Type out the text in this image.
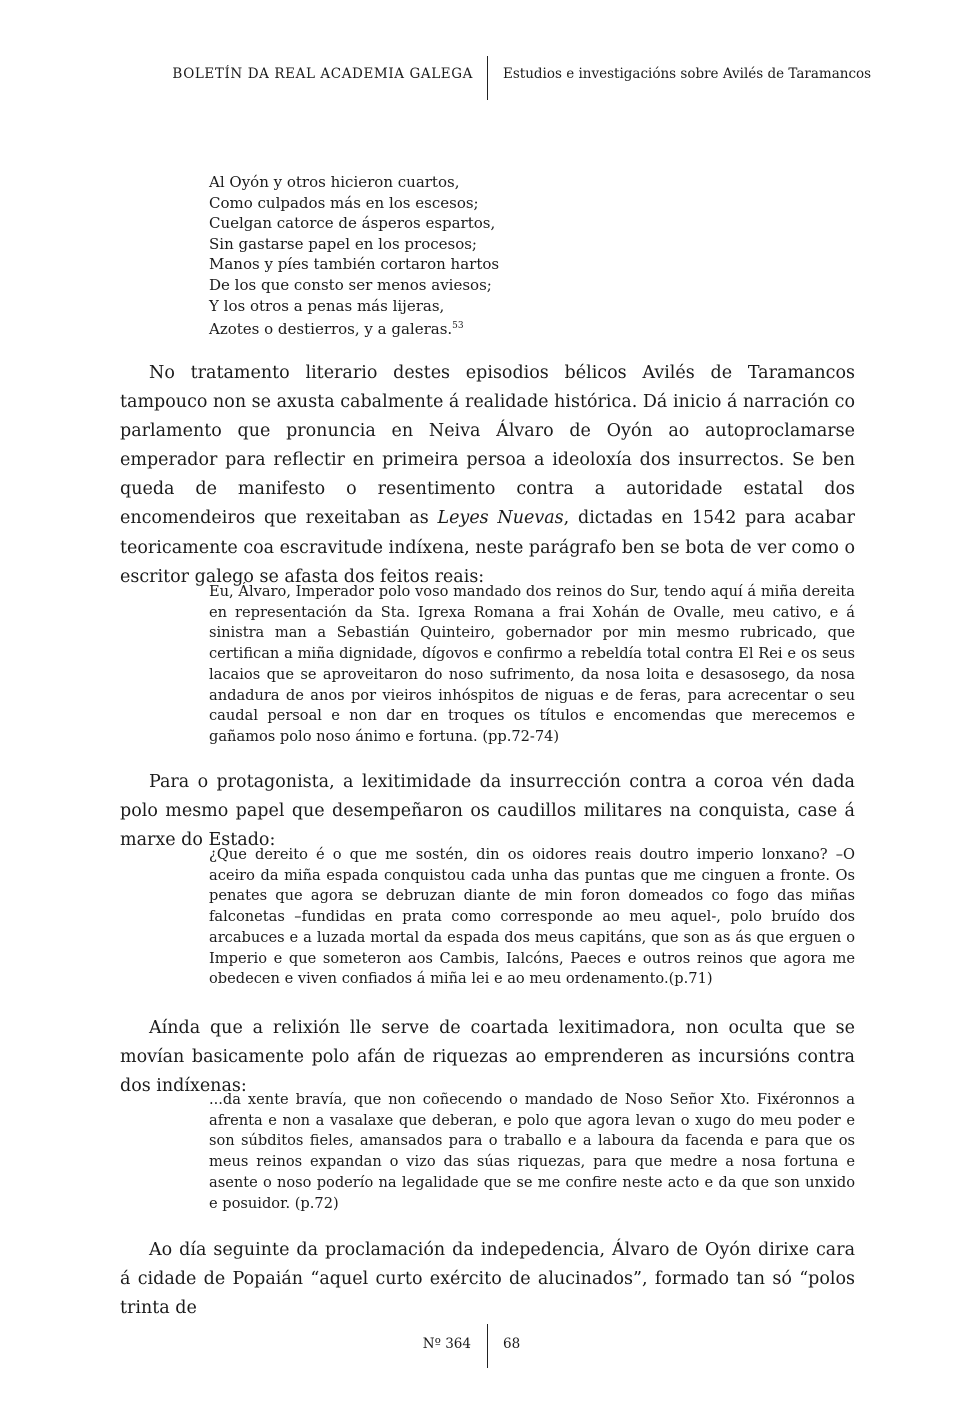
BOLETÍN DA REAL ACADEMIA GALEGA Estudios e investigacións sobre Avilés de Taramancos
Al Oyón y otros hicieron cuartos,
Como culpados más en los escesos;
Cuelgan catorce de ásperos espartos,
Sin gastarse papel en los procesos;
Manos y píes también cortaron hartos
De los que consto ser menos aviesos;
Y los otros a penas más lijeras,
Azotes o destierros, y a galeras.$^{53}$
No tratamento literario destes episodios bélicos Avilés de Taramancos tampouco non se axusta cabalmente á realidade histórica. Dá inicio á narración co parlamento que pronuncia en Neiva Álvaro de Oyón ao autoproclamarse emperador para reflectir en primeira persoa a ideoloxía dos insurrectos. Se ben queda de manifesto o resentimento contra a autoridade estatal dos encomendeiros que rexeitaban as Leyes Nuevas, dictadas en 1542 para acabar teoricamente coa escravitude indíxena, neste parágrafo ben se bota de ver como o escritor galego se afasta dos feitos reais:
Eu, Álvaro, Imperador polo voso mandado dos reinos do Sur, tendo aquí á miña dereita en representación da Sta. Igrexa Romana a frai Xohán de Ovalle, meu cativo, e á sinistra man a Sebastián Quinteiro, gobernador por min mesmo rubricado, que certifican a miña dignidade, dígovos e confirmo a rebeldía total contra El Rei e os seus lacaios que se aproveitaron do noso sufrimento, da nosa loita e desasosego, da nosa andadura de anos por vieiros inhóspitos de niguas e de feras, para acrecentar o seu caudal persoal e non dar en troques os títulos e encomendas que merecemos e gañamos polo noso ánimo e fortuna. (pp.72-74)
Para o protagonista, a lexitimidade da insurrección contra a coroa vén dada polo mesmo papel que desempeñaron os caudillos militares na conquista, case á marxe do Estado:
¿Que dereito é o que me sostén, din os oidores reais doutro imperio lonxano? –O aceiro da miña espada conquistou cada unha das puntas que me cinguen a fronte. Os penates que agora se debruzan diante de min foron domeados co fogo das miñas falconetas –fundidas en prata como corresponde ao meu aquel-, polo bruído dos arcabuces e a luzada mortal da espada dos meus capitáns, que son as ás que erguen o Imperio e que someteron aos Cambis, Ialcóns, Paeces e outros reinos que agora me obedecen e viven confiados á miña lei e ao meu ordenamento.(p.71)
Aínda que a relixión lle serve de coartada lexitimadora, non oculta que se movían basicamente polo afán de riquezas ao emprenderen as incursións contra dos indíxenas:
...da xente bravía, que non coñecendo o mandado de Noso Señor Xto. Fixéronnos a afrenta e non a vasalaxe que deberan, e polo que agora levan o xugo do meu poder e son súbditos fieles, amansados para o traballo e a laboura da facenda e para que os meus reinos expandan o vizo das súas riquezas, para que medre a nosa fortuna e asente o noso poderío na legalidade que se me confire neste acto e da que son unxido e posuidor. (p.72)
Ao día seguinte da proclamación da indepedencia, Álvaro de Oyón dirixe cara á cidade de Popaián “aquel curto exército de alucinados”, formado tan só “polos trinta de
Nº 364 68
